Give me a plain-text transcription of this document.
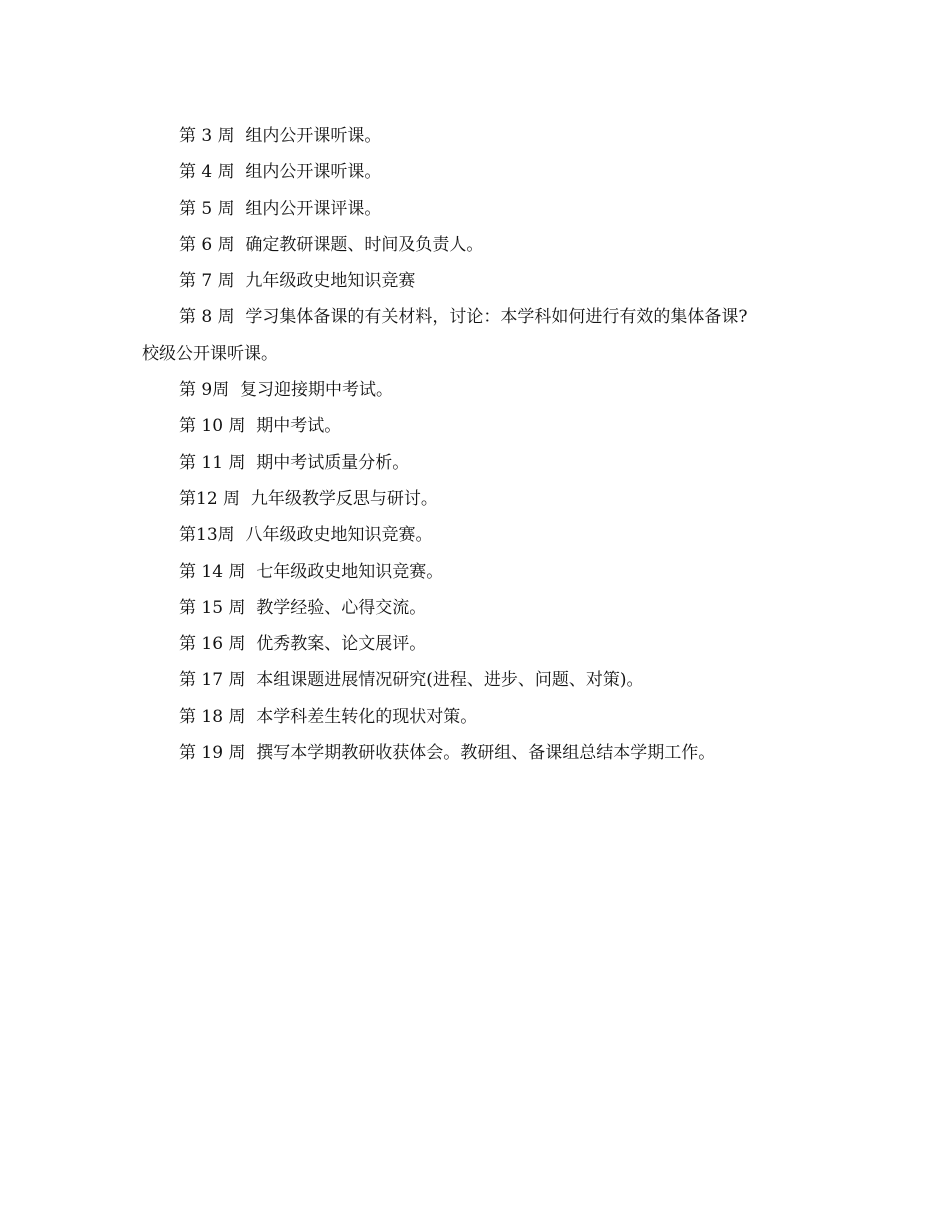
第 3 周  组内公开课听课。

第 4 周  组内公开课听课。

第 5 周  组内公开课评课。

第 6 周  确定教研课题、时间及负责人。

第 7 周  九年级政史地知识竞赛

第 8 周  学习集体备课的有关材料，讨论：本学科如何进行有效的集体备课?

校级公开课听课。

第 9周  复习迎接期中考试。

第 10 周  期中考试。

第 11 周  期中考试质量分析。

第12 周  九年级教学反思与研讨。

第13周  八年级政史地知识竞赛。

第 14 周  七年级政史地知识竞赛。

第 15 周  教学经验、心得交流。

第 16 周  优秀教案、论文展评。

第 17 周  本组课题进展情况研究(进程、进步、问题、对策)。

第 18 周  本学科差生转化的现状对策。

第 19 周  撰写本学期教研收获体会。教研组、备课组总结本学期工作。
